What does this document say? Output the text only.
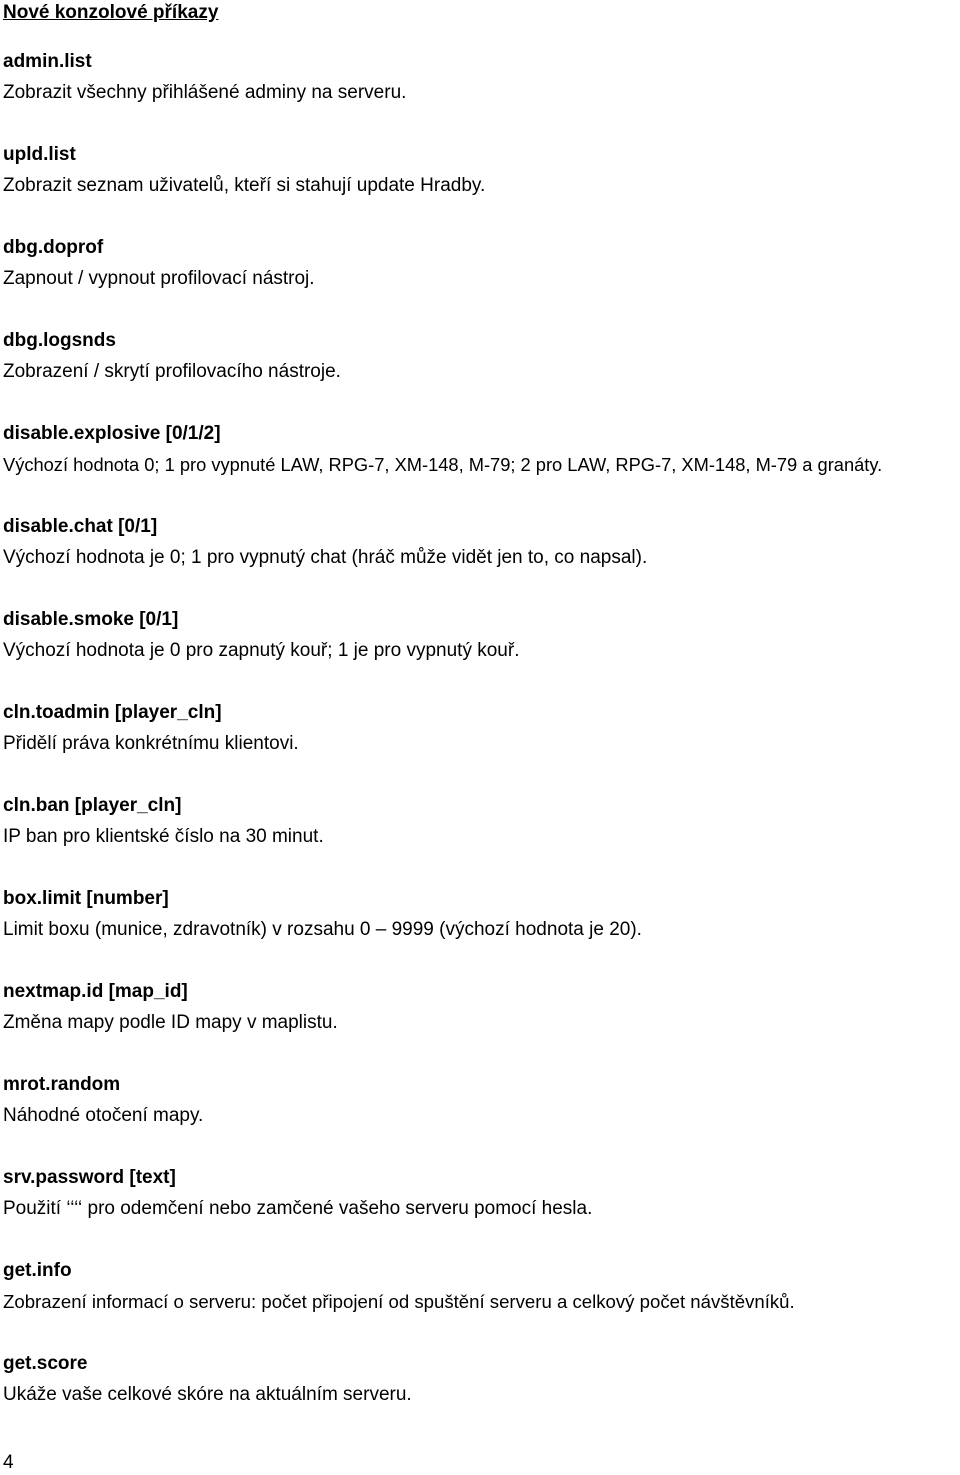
Nové konzolové příkazy
admin.list
Zobrazit všechny přihlášené adminy na serveru.
upld.list
Zobrazit seznam uživatelů, kteří si stahují update Hradby.
dbg.doprof
Zapnout / vypnout profilovací nástroj.
dbg.logsnds
Zobrazení / skrytí profilovacího nástroje.
disable.explosive [0/1/2]
Výchozí hodnota 0; 1 pro vypnuté LAW, RPG-7, XM-148, M-79; 2 pro LAW, RPG-7, XM-148, M-79 a granáty.
disable.chat [0/1]
Výchozí hodnota je 0; 1 pro vypnutý chat (hráč může vidět jen to, co napsal).
disable.smoke [0/1]
Výchozí hodnota je 0 pro zapnutý kouř; 1 je pro vypnutý kouř.
cln.toadmin [player_cln]
Přidělí práva konkrétnímu klientovi.
cln.ban [player_cln]
IP ban pro klientské číslo na 30 minut.
box.limit [number]
Limit boxu (munice, zdravotník) v rozsahu 0 – 9999 (výchozí hodnota je 20).
nextmap.id [map_id]
Změna mapy podle ID mapy v maplistu.
mrot.random
Náhodné otočení mapy.
srv.password [text]
Použití ‘‘‘‘ pro odemčení nebo zamčené vašeho serveru pomocí hesla.
get.info
Zobrazení informací o serveru: počet připojení od spuštění serveru a celkový počet návštěvníků.
get.score
Ukáže vaše celkové skóre na aktuálním serveru.
4
